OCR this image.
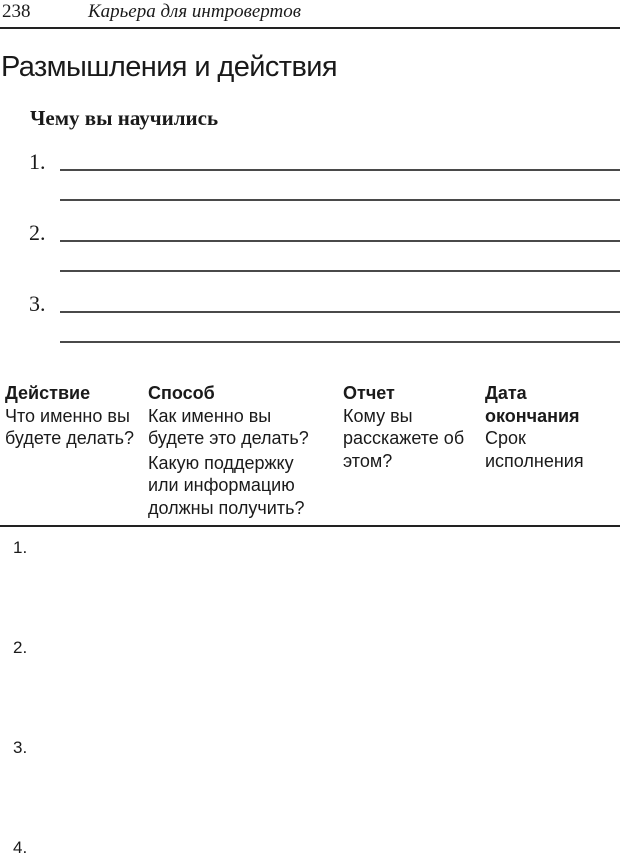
238	Карьера для интровертов
Размышления и действия
Чему вы научились
1.
2.
3.
Действие
Что именно вы будете делать?
Способ
Как именно вы будете это делать?
Какую поддержку или информацию должны получить?
Отчет
Кому вы расскажете об этом?
Дата окончания
Срок исполнения
1.
2.
3.
4.
